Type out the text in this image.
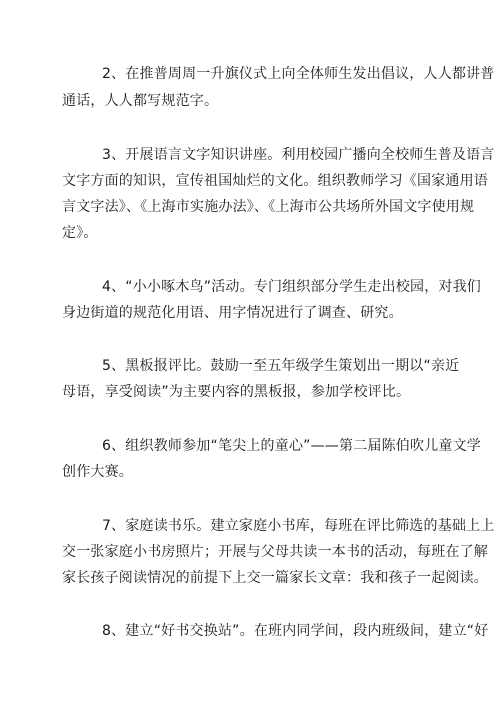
2、在推普周周一升旗仪式上向全体师生发出倡议，人人都讲普
通话，人人都写规范字。
3、开展语言文字知识讲座。利用校园广播向全校师生普及语言
文字方面的知识，宣传祖国灿烂的文化。组织教师学习《国家通用语
言文字法》、《上海市实施办法》、《上海市公共场所外国文字使用规
定》。
4、“小小啄木鸟”活动。专门组织部分学生走出校园，对我们
身边街道的规范化用语、用字情况进行了调查、研究。
5、黑板报评比。鼓励一至五年级学生策划出一期以“亲近
母语，享受阅读”为主要内容的黑板报，参加学校评比。
6、组织教师参加“笔尖上的童心”——第二届陈伯吹儿童文学
创作大赛。
7、家庭读书乐。建立家庭小书库，每班在评比筛选的基础上上
交一张家庭小书房照片；开展与父母共读一本书的活动，每班在了解
家长孩子阅读情况的前提下上交一篇家长文章：我和孩子一起阅读。
8、建立“好书交换站”。在班内同学间，段内班级间，建立“好
